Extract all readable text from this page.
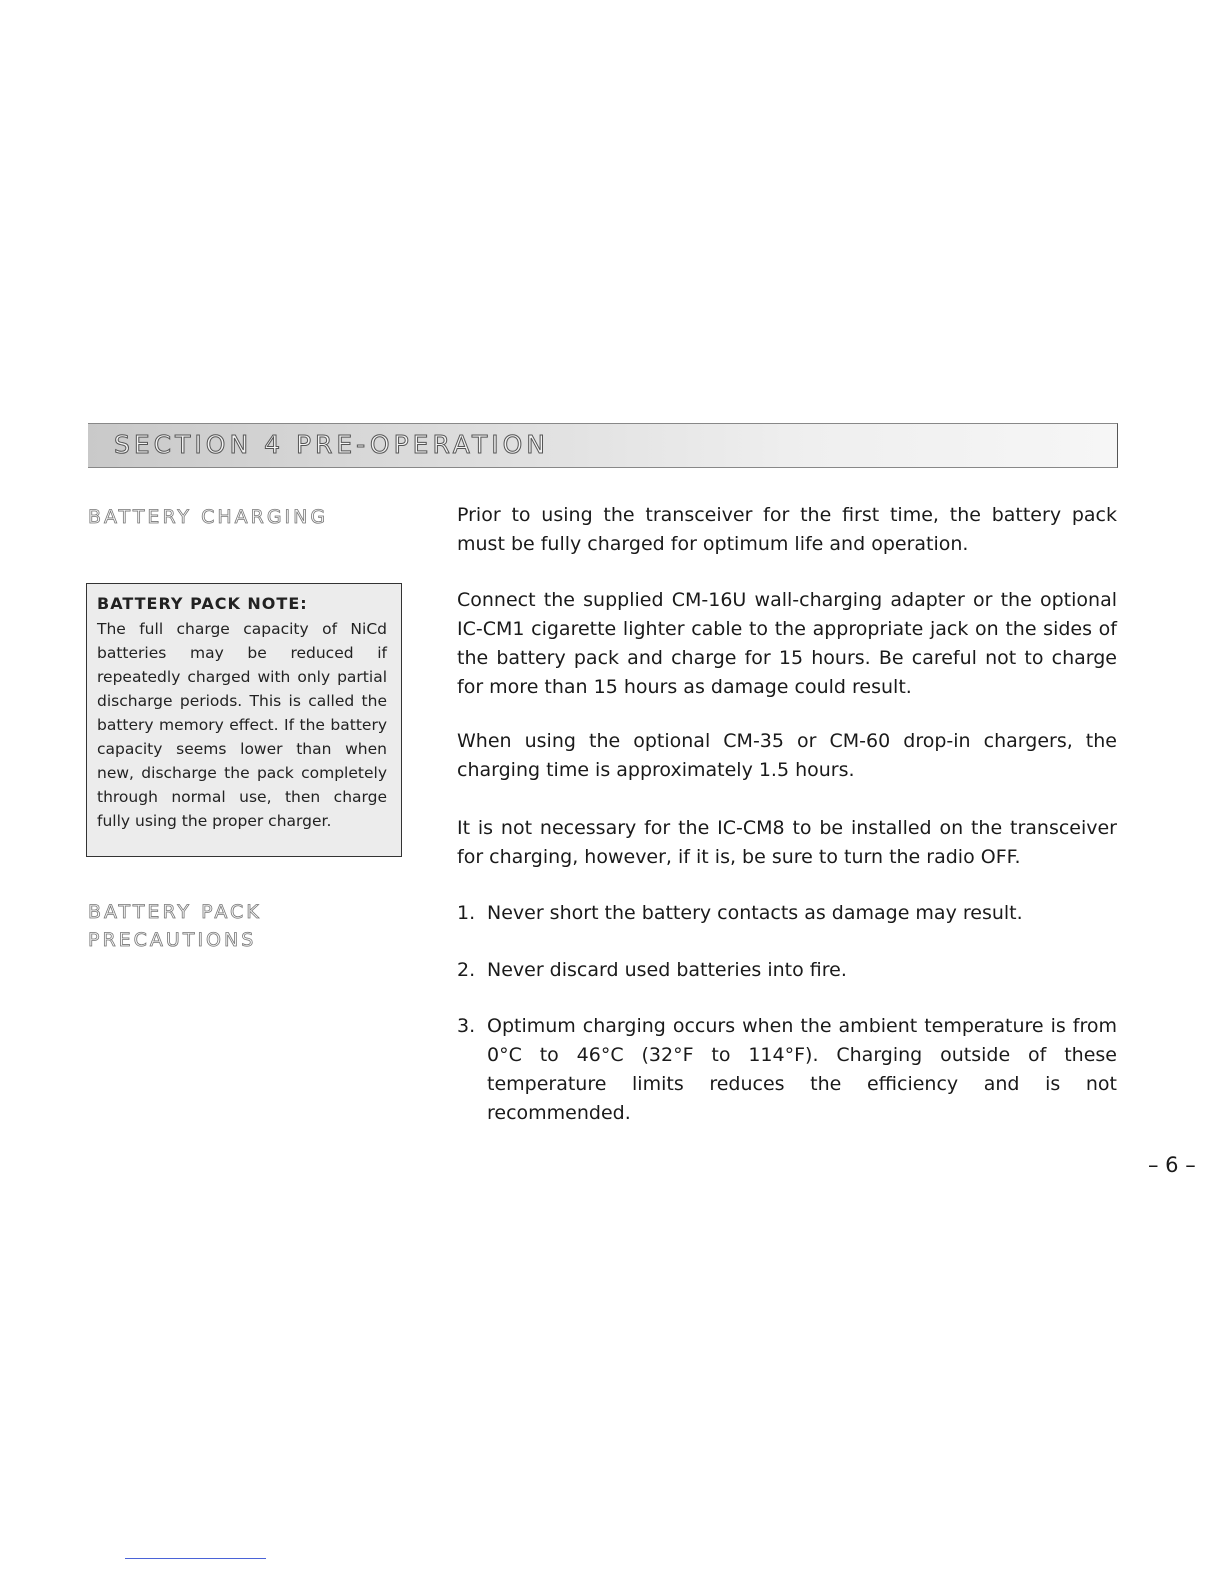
SECTION 4 PRE-OPERATION
BATTERY CHARGING

BATTERY PACK NOTE:

The full charge capacity of NiCd batteries may be reduced if repeatedly charged with only partial discharge periods. This is called the battery memory effect. If the battery capacity seems lower than when new, discharge the pack completely through normal use, then charge fully using the proper charger.

BATTERY PACK
PRECAUTIONS

Prior to using the transceiver for the first time, the battery pack must be fully charged for optimum life and operation.

Connect the supplied CM-16U wall-charging adapter or the optional IC-CM1 cigarette lighter cable to the appropriate jack on the sides of the battery pack and charge for 15 hours. Be careful not to charge for more than 15 hours as damage could result.

When using the optional CM-35 or CM-60 drop-in chargers, the charging time is approximately 1.5 hours.

It is not necessary for the IC-CM8 to be installed on the transceiver for charging, however, if it is, be sure to turn the radio OFF.

1. Never short the battery contacts as damage may result.
2. Never discard used batteries into fire.
3. Optimum charging occurs when the ambient temperature is from 0°C to 46°C (32°F to 114°F). Charging outside of these temperature limits reduces the efficiency and is not recommended.
– 6 –
